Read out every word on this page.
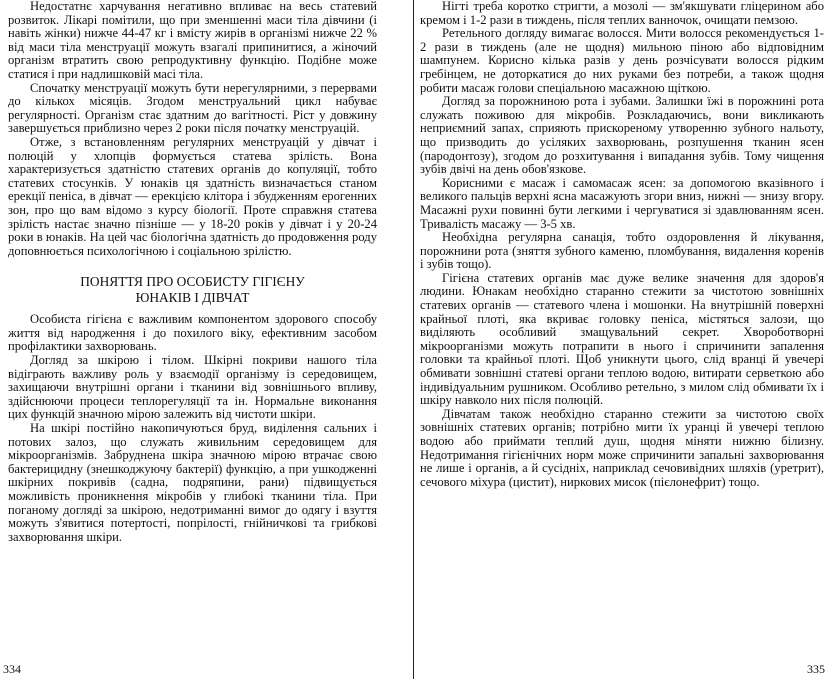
Недостатнє харчування негативно впливає на весь статевий розвиток. Лікарі помітили, що при зменшенні маси тіла дівчини (і навіть жінки) нижче 44-47 кг і вмісту жирів в організмі нижче 22 % від маси тіла менструації можуть взагалі припинитися, а жіночий організм втратить свою репродуктивну функцію. Подібне може статися і при надлишковій масі тіла.

Спочатку менструації можуть бути нерегулярними, з перервами до кількох місяців. Згодом менструальний цикл набуває регулярності. Організм стає здатним до вагітності. Ріст у довжину завершується приблизно через 2 роки після початку менструацій.

Отже, з встановленням регулярних менструацій у дівчат і полюцій у хлопців формується статева зрілість. Вона характеризується здатністю статевих органів до копуляції, тобто статевих стосунків. У юнаків ця здатність визначається станом ерекції пеніса, в дівчат — ерекцією клітора і збудженням ерогенних зон, про що вам відомо з курсу біології. Проте справжня статева зрілість настає значно пізніше — у 18-20 років у дівчат і у 20-24 роки в юнаків. На цей час біологічна здатність до продовження роду доповнюється психологічною і соціальною зрілістю.

ПОНЯТТЯ ПРО ОСОБИСТУ ГІГІЄНУ
ЮНАКІВ І ДІВЧАТ

Особиста гігієна є важливим компонентом здорового способу життя від народження і до похилого віку, ефективним засобом профілактики захворювань.

Догляд за шкірою і тілом. Шкірні покриви нашого тіла відіграють важливу роль у взаємодії організму із середовищем, захищаючи внутрішні органи і тканини від зовнішнього впливу, здійснюючи процеси теплорегуляції та ін. Нормальне виконання цих функцій значною мірою залежить від чистоти шкіри.

На шкірі постійно накопичуються бруд, виділення сальних і потових залоз, що служать живильним середовищем для мікроорганізмів. Забруднена шкіра значною мірою втрачає свою бактерицидну (знешкоджуючу бактерії) функцію, а при ушкодженні шкірних покривів (садна, подряпини, рани) підвищується можливість проникнення мікробів у глибокі тканини тіла. При поганому догляді за шкірою, недотриманні вимог до одягу і взуття можуть з'явитися потертості, попрілості, гнійничкові та грибкові захворювання шкіри.

334

Нігті треба коротко стригти, а мозолі — зм'якшувати гліцерином або кремом і 1-2 рази в тиждень, після теплих ванночок, очищати пемзою.

Ретельного догляду вимагає волосся. Мити волосся рекомендується 1-2 рази в тиждень (але не щодня) мильною піною або відповідним шампунем. Корисно кілька разів у день розчісувати волосся рідким гребінцем, не доторкатися до них руками без потреби, а також щодня робити масаж голови спеціальною масажною щіткою.

Догляд за порожниною рота і зубами. Залишки їжі в порожнині рота служать поживою для мікробів. Розкладаючись, вони викликають неприємний запах, сприяють прискореному утворенню зубного нальоту, що призводить до усіляких захворювань, розпушення тканин ясен (пародонтозу), згодом до розхитування і випадання зубів. Тому чищення зубів двічі на день обов'язкове.

Корисними є масаж і самомасаж ясен: за допомогою вказівного і великого пальців верхні ясна масажують згори вниз, нижні — знизу вгору. Масажні рухи повинні бути легкими і чергуватися зі здавлюванням ясен. Тривалість масажу — 3-5 хв.

Необхідна регулярна санація, тобто оздоровлення й лікування, порожнини рота (зняття зубного каменю, пломбування, видалення коренів і зубів тощо).

Гігієна статевих органів має дуже велике значення для здоров'я людини. Юнакам необхідно старанно стежити за чистотою зовнішніх статевих органів — статевого члена і мошонки. На внутрішній поверхні крайньої плоті, яка вкриває головку пеніса, містяться залози, що виділяють особливий змащувальний секрет. Хвороботворні мікроорганізми можуть потрапити в нього і спричинити запалення головки та крайньої плоті. Щоб уникнути цього, слід вранці й увечері обмивати зовнішні статеві органи теплою водою, витирати серветкою або індивідуальним рушником. Особливо ретельно, з милом слід обмивати їх і шкіру навколо них після полюцій.

Дівчатам також необхідно старанно стежити за чистотою своїх зовнішніх статевих органів; потрібно мити їх уранці й увечері теплою водою або приймати теплий душ, щодня міняти нижню білизну. Недотримання гігієнічних норм може спричинити запальні захворювання не лише і органів, а й сусідніх, наприклад сечовивідних шляхів (уретрит), сечового міхура (цистит), ниркових мисок (пієлонефрит) тощо.

335
